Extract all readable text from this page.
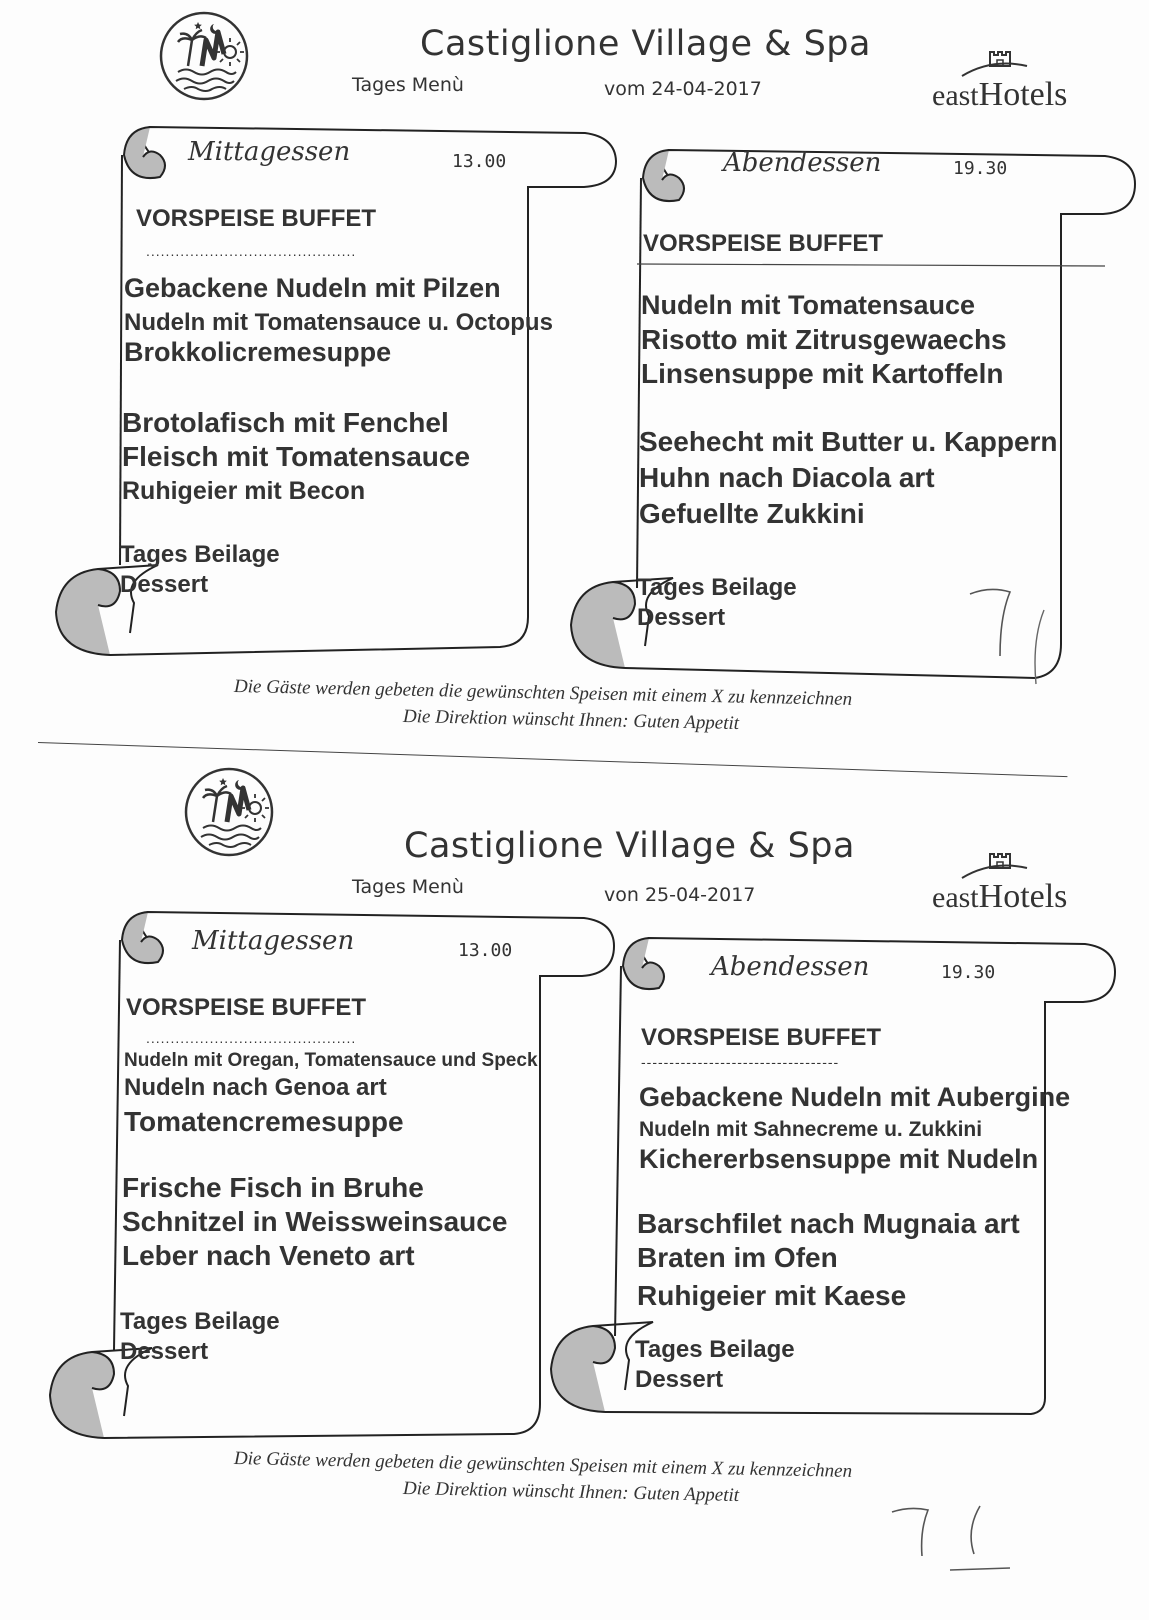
Castiglione Village & Spa
Tages Menù	vom 24-04-2017	eastHotels
Mittagessen	13.00
VORSPEISE BUFFET
...........................................
Gebackene Nudeln mit Pilzen
Nudeln mit Tomatensauce u. Octopus
Brokkolicremesuppe
Brotolafisch mit Fenchel
Fleisch mit Tomatensauce
Ruhigeier mit Becon
Tages Beilage
Dessert
Abendessen	19.30
VORSPEISE BUFFET
Nudeln mit Tomatensauce
Risotto mit Zitrusgewaechs
Linsensuppe mit Kartoffeln
Seehecht mit Butter u. Kappern
Huhn nach Diacola art
Gefuellte Zukkini
Tages Beilage
Dessert
Die Gäste werden gebeten die gewünschten Speisen mit einem X zu kennzeichnen
Die Direktion wünscht Ihnen: Guten Appetit
Castiglione Village & Spa
Tages Menù	von 25-04-2017	eastHotels
Mittagessen	13.00
VORSPEISE BUFFET
...........................................
Nudeln mit Oregan, Tomatensauce und Speck
Nudeln nach Genoa art
Tomatencremesuppe
Frische Fisch in Bruhe
Schnitzel in Weissweinsauce
Leber nach Veneto art
Tages Beilage
Dessert
Abendessen	19.30
VORSPEISE BUFFET
-----------------------------------
Gebackene Nudeln mit Aubergine
Nudeln mit Sahnecreme u. Zukkini
Kichererbsensuppe mit Nudeln
Barschfilet nach Mugnaia art
Braten im Ofen
Ruhigeier mit Kaese
Tages Beilage
Dessert
Die Gäste werden gebeten die gewünschten Speisen mit einem X zu kennzeichnen
Die Direktion wünscht Ihnen: Guten Appetit
